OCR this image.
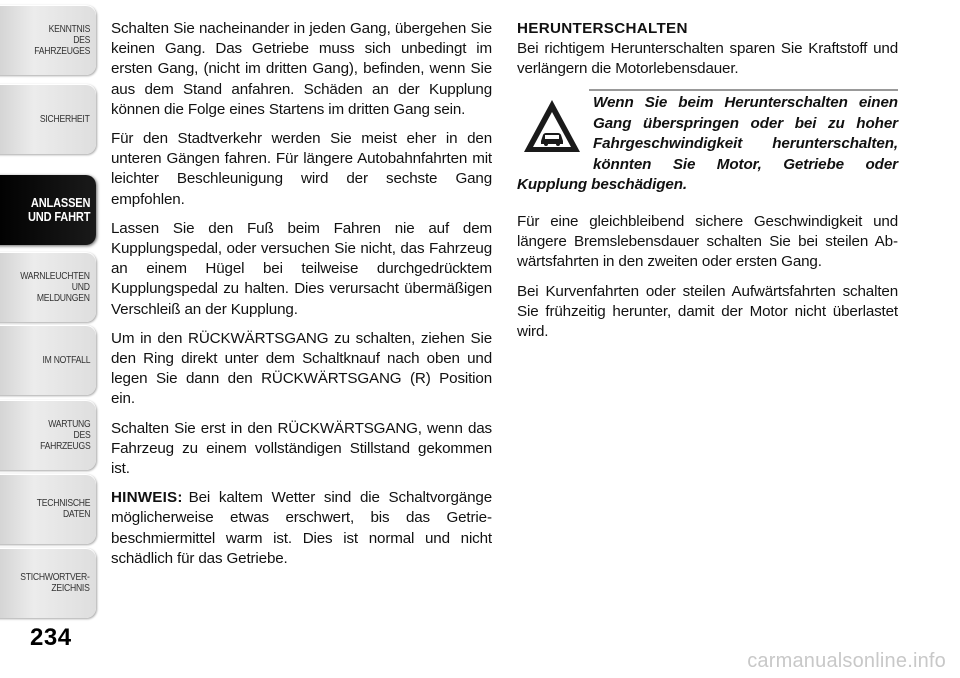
KENNTNIS
DES
FAHRZEUGES
SICHERHEIT
ANLASSEN
UND FAHRT
WARNLEUCHTEN
UND
MELDUNGEN
IM NOTFALL
WARTUNG
DES
FAHRZEUGS
TECHNISCHE
DATEN
STICHWORTVER-
ZEICHNIS
234

Schalten Sie nacheinander in jeden Gang, übergehen Sie keinen Gang. Das Getriebe muss sich unbedingt im ersten Gang, (nicht im dritten Gang), befinden, wenn Sie aus dem Stand anfahren. Schäden an der Kupplung können die Folge eines Startens im dritten Gang sein.

Für den Stadtverkehr werden Sie meist eher in den unteren Gängen fahren. Für längere Autobahnfahrten mit leichter Beschleunigung wird der sechste Gang empfohlen.

Lassen Sie den Fuß beim Fahren nie auf dem Kupplungspedal, oder versuchen Sie nicht, das Fahrzeug an einem Hügel bei teilweise durchgedrücktem Kupplungspedal zu halten. Dies verursacht übermäßigen Verschleiß an der Kupplung.

Um in den RÜCKWÄRTSGANG zu schalten, ziehen Sie den Ring direkt unter dem Schaltknauf nach oben und legen Sie dann den RÜCKWÄRTSGANG (R) Position ein.

Schalten Sie erst in den RÜCKWÄRTSGANG, wenn das Fahrzeug zu einem vollständigen Stillstand gekommen ist.

HINWEIS: Bei kaltem Wetter sind die Schaltvorgänge möglicherweise etwas erschwert, bis das Getriebeschmiermittel warm ist. Dies ist normal und nicht schädlich für das Getriebe.

HERUNTERSCHALTEN

Bei richtigem Herunterschalten sparen Sie Kraftstoff und verlängern die Motorlebensdauer.

Wenn Sie beim Herunterschalten einen Gang überspringen oder bei zu hoher Fahrgeschwindigkeit herunterschalten, könnten Sie Motor, Getriebe oder Kupplung beschädigen.

Für eine gleichbleibend sichere Geschwindigkeit und längere Bremslebensdauer schalten Sie bei steilen Abwärtsfahrten in den zweiten oder ersten Gang.

Bei Kurvenfahrten oder steilen Aufwärtsfahrten schalten Sie frühzeitig herunter, damit der Motor nicht überlastet wird.

carmanualsonline.info
